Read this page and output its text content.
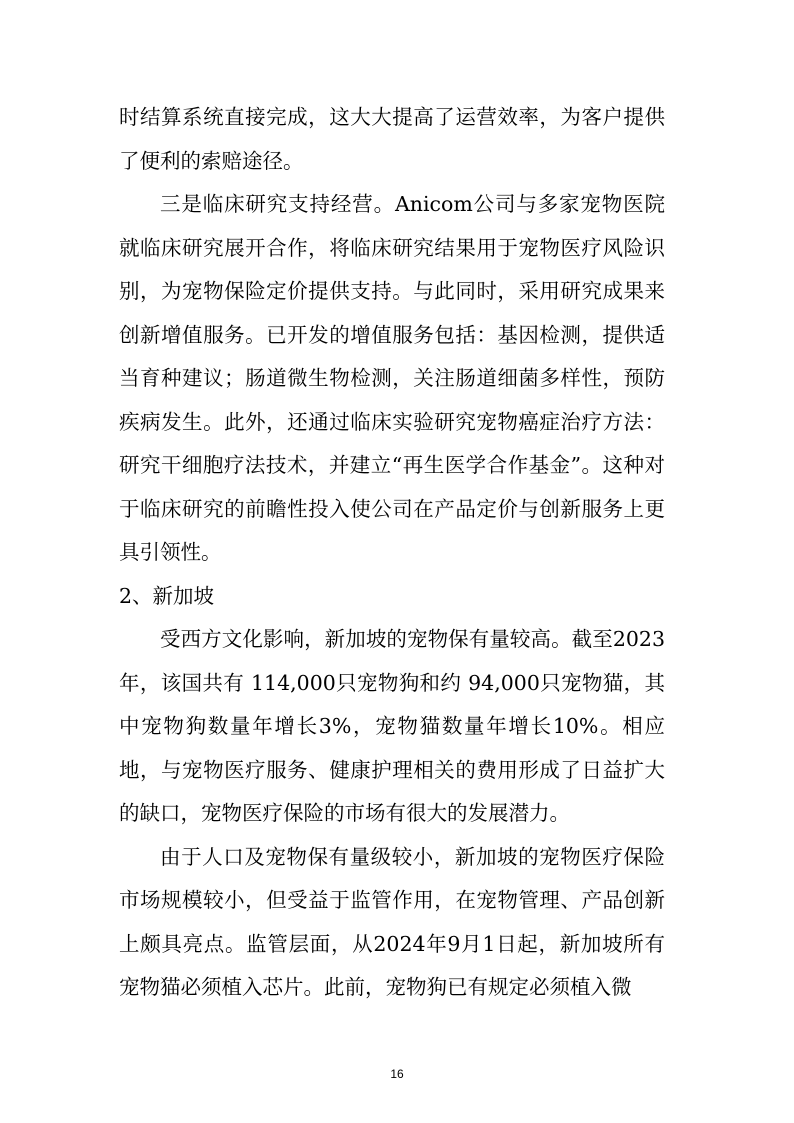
时结算系统直接完成，这大大提高了运营效率，为客户提供了便利的索赔途径。

三是临床研究支持经营。Anicom公司与多家宠物医院就临床研究展开合作，将临床研究结果用于宠物医疗风险识别，为宠物保险定价提供支持。与此同时，采用研究成果来创新增值服务。已开发的增值服务包括：基因检测，提供适当育种建议；肠道微生物检测，关注肠道细菌多样性，预防疾病发生。此外，还通过临床实验研究宠物癌症治疗方法：研究干细胞疗法技术，并建立“再生医学合作基金”。这种对于临床研究的前瞻性投入使公司在产品定价与创新服务上更具引领性。

2、新加坡

受西方文化影响，新加坡的宠物保有量较高。截至2023年，该国共有 114,000只宠物狗和约 94,000只宠物猫，其中宠物狗数量年增长3%，宠物猫数量年增长10%。相应地，与宠物医疗服务、健康护理相关的费用形成了日益扩大的缺口，宠物医疗保险的市场有很大的发展潜力。

由于人口及宠物保有量级较小，新加坡的宠物医疗保险市场规模较小，但受益于监管作用，在宠物管理、产品创新上颇具亮点。监管层面，从2024年9月1日起，新加坡所有宠物猫必须植入芯片。此前，宠物狗已有规定必须植入微

16
